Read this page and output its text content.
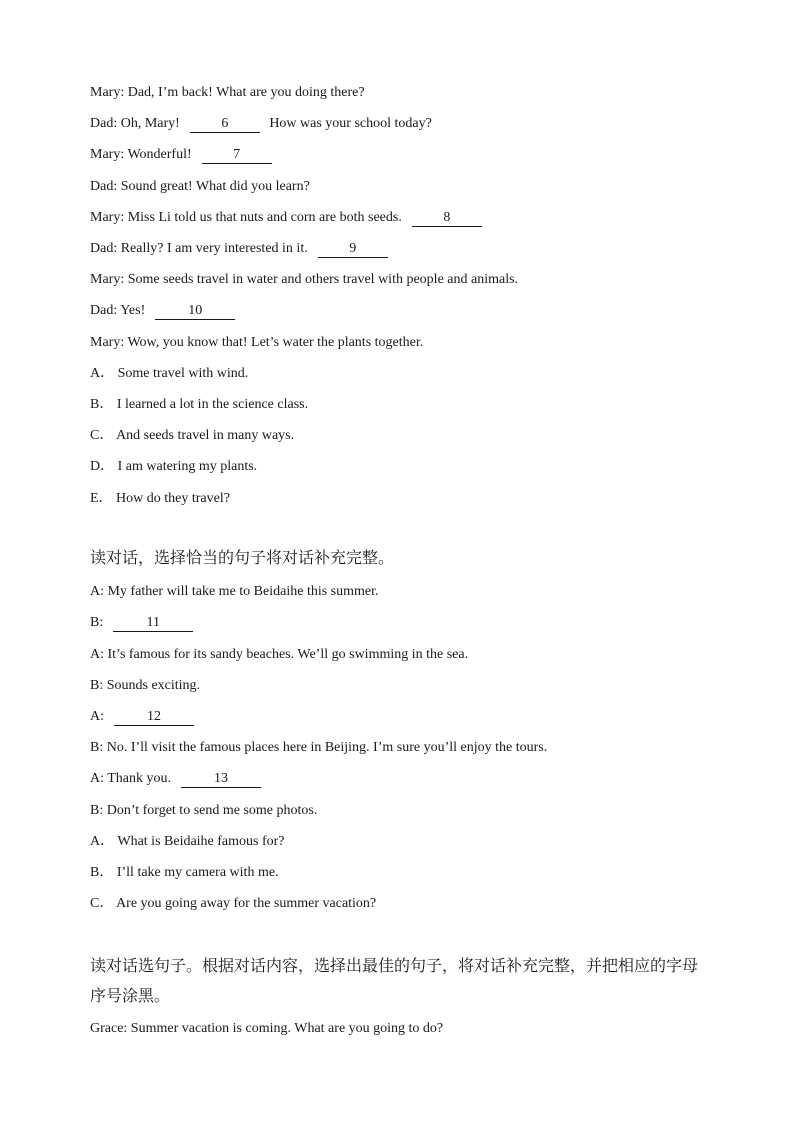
Mary: Dad, I’m back! What are you doing there?
Dad: Oh, Mary!	6	How was your school today?
Mary: Wonderful!	7
Dad: Sound great! What did you learn?
Mary: Miss Li told us that nuts and corn are both seeds.	8
Dad: Really? I am very interested in it.	9
Mary: Some seeds travel in water and others travel with people and animals.
Dad: Yes!	10
Mary: Wow, you know that! Let’s water the plants together.
A． Some travel with wind.
B． I learned a lot in the science class.
C． And seeds travel in many ways.
D． I am watering my plants.
E． How do they travel?
读对话，选择恰当的句子将对话补充完整。
A: My father will take me to Beidaihe this summer.
B:	11
A: It’s famous for its sandy beaches. We’ll go swimming in the sea.
B: Sounds exciting.
A:	12
B: No. I’ll visit the famous places here in Beijing. I’m sure you’ll enjoy the tours.
A: Thank you.	13
B: Don’t forget to send me some photos.
A． What is Beidaihe famous for?
B． I’ll take my camera with me.
C． Are you going away for the summer vacation?
读对话选句子。根据对话内容，选择出最佳的句子，将对话补充完整，并把相应的字母序号涂黑。
Grace: Summer vacation is coming. What are you going to do?
